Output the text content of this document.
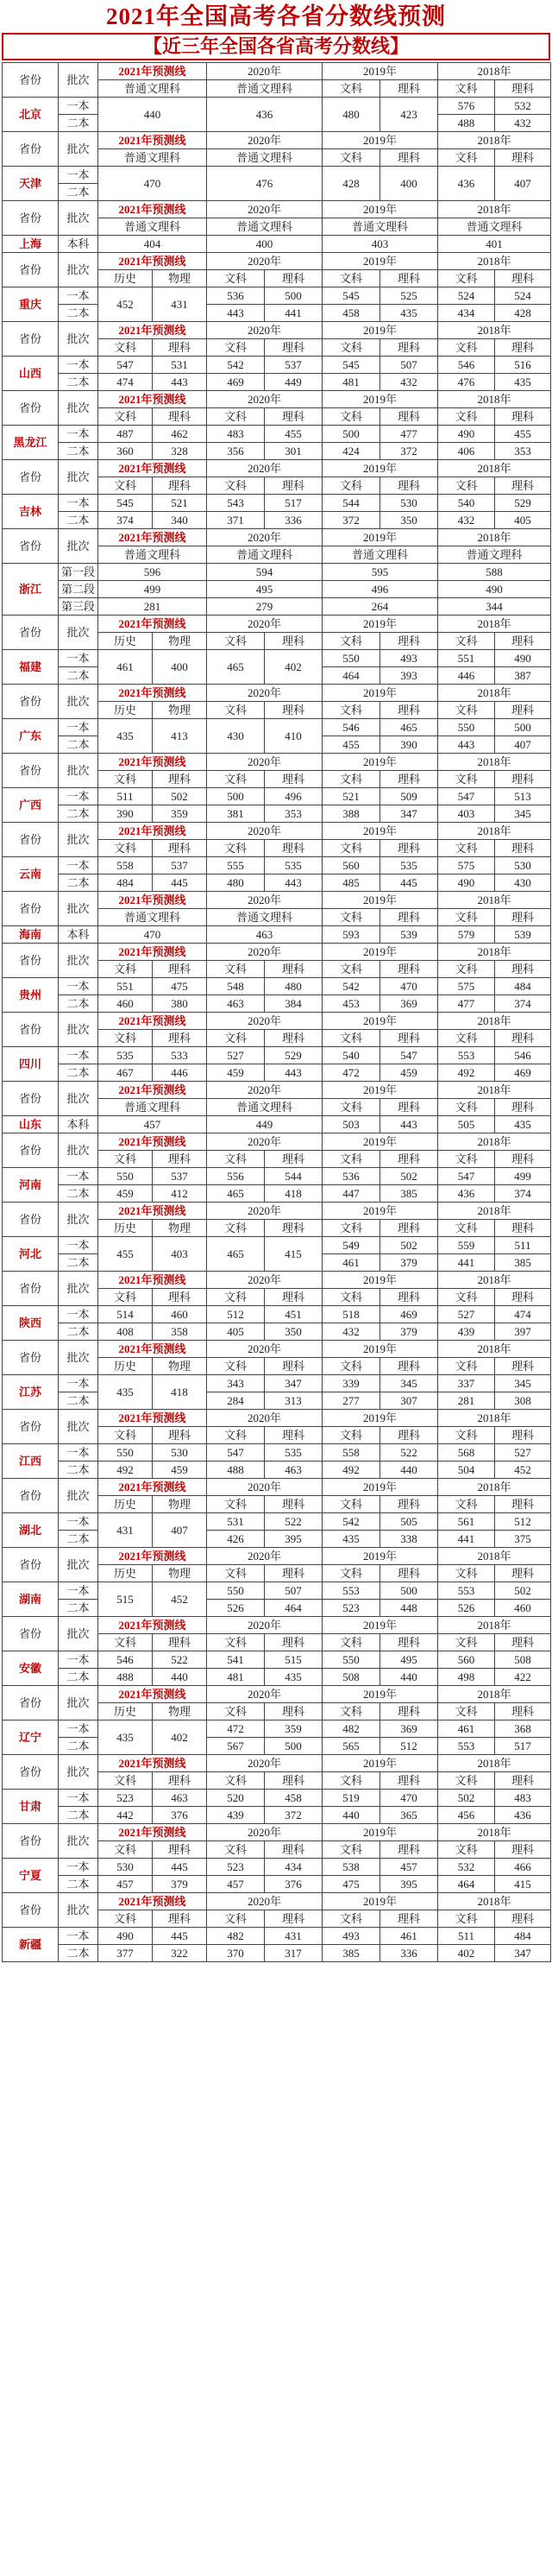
2021年全国高考各省分数线预测
【近三年全国各省高考分数线】
省份	批次	2021年预测线		2020年		2019年		2018年	
		普通文理科		普通文理科		文科	理科	文科	理科
北京	一本	440		436		480	423	576	532
	二本							488	432
省份	批次	2021年预测线		2020年		2019年		2018年	
		普通文理科		普通文理科		文科	理科	文科	理科
天津	一本	470		476		428	400	436	407
	二本								
省份	批次	2021年预测线		2020年		2019年		2018年	
		普通文理科		普通文理科		普通文理科		普通文理科	
上海	本科	404		400		403		401	
省份	批次	2021年预测线		2020年		2019年		2018年	
		历史	物理	文科	理科	文科	理科	文科	理科
重庆	一本	452	431	536	500	545	525	524	524
	二本			443	441	458	435	434	428
省份	批次	2021年预测线		2020年		2019年		2018年	
		文科	理科	文科	理科	文科	理科	文科	理科
山西	一本	547	531	542	537	545	507	546	516
	二本	474	443	469	449	481	432	476	435
省份	批次	2021年预测线		2020年		2019年		2018年	
		文科	理科	文科	理科	文科	理科	文科	理科
黑龙江	一本	487	462	483	455	500	477	490	455
	二本	360	328	356	301	424	372	406	353
省份	批次	2021年预测线		2020年		2019年		2018年	
		文科	理科	文科	理科	文科	理科	文科	理科
吉林	一本	545	521	543	517	544	530	540	529
	二本	374	340	371	336	372	350	432	405
省份	批次	2021年预测线		2020年		2019年		2018年	
		普通文理科		普通文理科		普通文理科		普通文理科	
浙江	第一段	596		594		595		588	
	第二段	499		495		496		490	
	第三段	281		279		264		344	
省份	批次	2021年预测线		2020年		2019年		2018年	
		历史	物理	文科	理科	文科	理科	文科	理科
福建	一本	461	400	465	402	550	493	551	490
	二本					464	393	446	387
省份	批次	2021年预测线		2020年		2019年		2018年	
		历史	物理	文科	理科	文科	理科	文科	理科
广东	一本	435	413	430	410	546	465	550	500
	二本					455	390	443	407
省份	批次	2021年预测线		2020年		2019年		2018年	
		文科	理科	文科	理科	文科	理科	文科	理科
广西	一本	511	502	500	496	521	509	547	513
	二本	390	359	381	353	388	347	403	345
省份	批次	2021年预测线		2020年		2019年		2018年	
		文科	理科	文科	理科	文科	理科	文科	理科
云南	一本	558	537	555	535	560	535	575	530
	二本	484	445	480	443	485	445	490	430
省份	批次	2021年预测线		2020年		2019年		2018年	
		普通文理科		普通文理科		文科	理科	文科	理科
海南	本科	470		463		593	539	579	539
省份	批次	2021年预测线		2020年		2019年		2018年	
		文科	理科	文科	理科	文科	理科	文科	理科
贵州	一本	551	475	548	480	542	470	575	484
	二本	460	380	463	384	453	369	477	374
省份	批次	2021年预测线		2020年		2019年		2018年	
		文科	理科	文科	理科	文科	理科	文科	理科
四川	一本	535	533	527	529	540	547	553	546
	二本	467	446	459	443	472	459	492	469
省份	批次	2021年预测线		2020年		2019年		2018年	
		普通文理科		普通文理科		文科	理科	文科	理科
山东	本科	457		449		503	443	505	435
省份	批次	2021年预测线		2020年		2019年		2018年	
		文科	理科	文科	理科	文科	理科	文科	理科
河南	一本	550	537	556	544	536	502	547	499
	二本	459	412	465	418	447	385	436	374
省份	批次	2021年预测线		2020年		2019年		2018年	
		历史	物理	文科	理科	文科	理科	文科	理科
河北	一本	455	403	465	415	549	502	559	511
	二本					461	379	441	385
省份	批次	2021年预测线		2020年		2019年		2018年	
		文科	理科	文科	理科	文科	理科	文科	理科
陕西	一本	514	460	512	451	518	469	527	474
	二本	408	358	405	350	432	379	439	397
省份	批次	2021年预测线		2020年		2019年		2018年	
		历史	物理	文科	理科	文科	理科	文科	理科
江苏	一本	435	418	343	347	339	345	337	345
	二本			284	313	277	307	281	308
省份	批次	2021年预测线		2020年		2019年		2018年	
		文科	理科	文科	理科	文科	理科	文科	理科
江西	一本	550	530	547	535	558	522	568	527
	二本	492	459	488	463	492	440	504	452
省份	批次	2021年预测线		2020年		2019年		2018年	
		历史	物理	文科	理科	文科	理科	文科	理科
湖北	一本	431	407	531	522	542	505	561	512
	二本			426	395	435	338	441	375
省份	批次	2021年预测线		2020年		2019年		2018年	
		历史	物理	文科	理科	文科	理科	文科	理科
湖南	一本	515	452	550	507	553	500	553	502
	二本			526	464	523	448	526	460
省份	批次	2021年预测线		2020年		2019年		2018年	
		文科	理科	文科	理科	文科	理科	文科	理科
安徽	一本	546	522	541	515	550	495	560	508
	二本	488	440	481	435	508	440	498	422
省份	批次	2021年预测线		2020年		2019年		2018年	
		历史	物理	文科	理科	文科	理科	文科	理科
辽宁	一本	435	402	472	359	482	369	461	368
	二本			567	500	565	512	553	517
省份	批次	2021年预测线		2020年		2019年		2018年	
		文科	理科	文科	理科	文科	理科	文科	理科
甘肃	一本	523	463	520	458	519	470	502	483
	二本	442	376	439	372	440	365	456	436
省份	批次	2021年预测线		2020年		2019年		2018年	
		文科	理科	文科	理科	文科	理科	文科	理科
宁夏	一本	530	445	523	434	538	457	532	466
	二本	457	379	457	376	475	395	464	415
省份	批次	2021年预测线		2020年		2019年		2018年	
		文科	理科	文科	理科	文科	理科	文科	理科
新疆	一本	490	445	482	431	493	461	511	484
	二本	377	322	370	317	385	336	402	347
